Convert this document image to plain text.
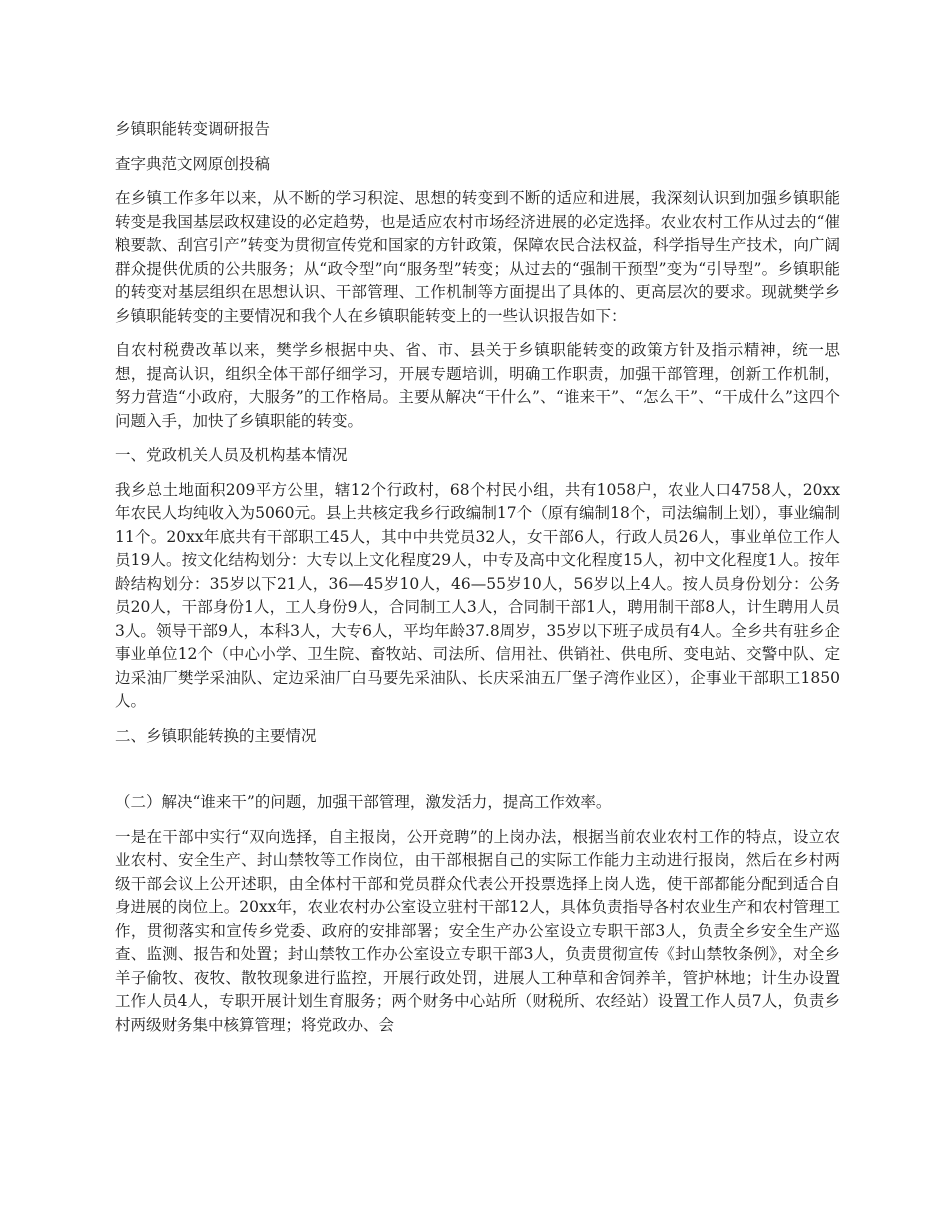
乡镇职能转变调研报告

查字典范文网原创投稿

在乡镇工作多年以来，从不断的学习积淀、思想的转变到不断的适应和进展，我深刻认识到加强乡镇职能转变是我国基层政权建设的必定趋势，也是适应农村市场经济进展的必定选择。农业农村工作从过去的“催粮要款、刮宫引产”转变为贯彻宣传党和国家的方针政策，保障农民合法权益，科学指导生产技术，向广阔群众提供优质的公共服务；从“政令型”向“服务型”转变；从过去的“强制干预型”变为“引导型”。乡镇职能的转变对基层组织在思想认识、干部管理、工作机制等方面提出了具体的、更高层次的要求。现就樊学乡乡镇职能转变的主要情况和我个人在乡镇职能转变上的一些认识报告如下：

自农村税费改革以来，樊学乡根据中央、省、市、县关于乡镇职能转变的政策方针及指示精神，统一思想，提高认识，组织全体干部仔细学习，开展专题培训，明确工作职责，加强干部管理，创新工作机制，努力营造“小政府，大服务”的工作格局。主要从解决“干什么”、“谁来干”、“怎么干”、“干成什么”这四个问题入手，加快了乡镇职能的转变。

一、党政机关人员及机构基本情况

我乡总土地面积209平方公里，辖12个行政村，68个村民小组，共有1058户，农业人口4758人，20xx年农民人均纯收入为5060元。县上共核定我乡行政编制17个（原有编制18个，司法编制上划），事业编制11个。20xx年底共有干部职工45人，其中中共党员32人，女干部6人，行政人员26人，事业单位工作人员19人。按文化结构划分：大专以上文化程度29人，中专及高中文化程度15人，初中文化程度1人。按年龄结构划分：35岁以下21人，36—45岁10人，46—55岁10人，56岁以上4人。按人员身份划分：公务员20人，干部身份1人，工人身份9人，合同制工人3人，合同制干部1人，聘用制干部8人，计生聘用人员3人。领导干部9人，本科3人，大专6人，平均年龄37.8周岁，35岁以下班子成员有4人。全乡共有驻乡企事业单位12个（中心小学、卫生院、畜牧站、司法所、信用社、供销社、供电所、变电站、交警中队、定边采油厂樊学采油队、定边采油厂白马要先采油队、长庆采油五厂堡子湾作业区），企事业干部职工1850人。

二、乡镇职能转换的主要情况

（二）解决“谁来干”的问题，加强干部管理，激发活力，提高工作效率。

一是在干部中实行“双向选择，自主报岗，公开竞聘”的上岗办法，根据当前农业农村工作的特点，设立农业农村、安全生产、封山禁牧等工作岗位，由干部根据自己的实际工作能力主动进行报岗，然后在乡村两级干部会议上公开述职，由全体村干部和党员群众代表公开投票选择上岗人选，使干部都能分配到适合自身进展的岗位上。20xx年，农业农村办公室设立驻村干部12人，具体负责指导各村农业生产和农村管理工作，贯彻落实和宣传乡党委、政府的安排部署；安全生产办公室设立专职干部3人，负责全乡安全生产巡查、监测、报告和处置；封山禁牧工作办公室设立专职干部3人，负责贯彻宣传《封山禁牧条例》，对全乡羊子偷牧、夜牧、散牧现象进行监控，开展行政处罚，进展人工种草和舍饲养羊，管护林地；计生办设置工作人员4人，专职开展计划生育服务；两个财务中心站所（财税所、农经站）设置工作人员7人，负责乡村两级财务集中核算管理；将党政办、会
